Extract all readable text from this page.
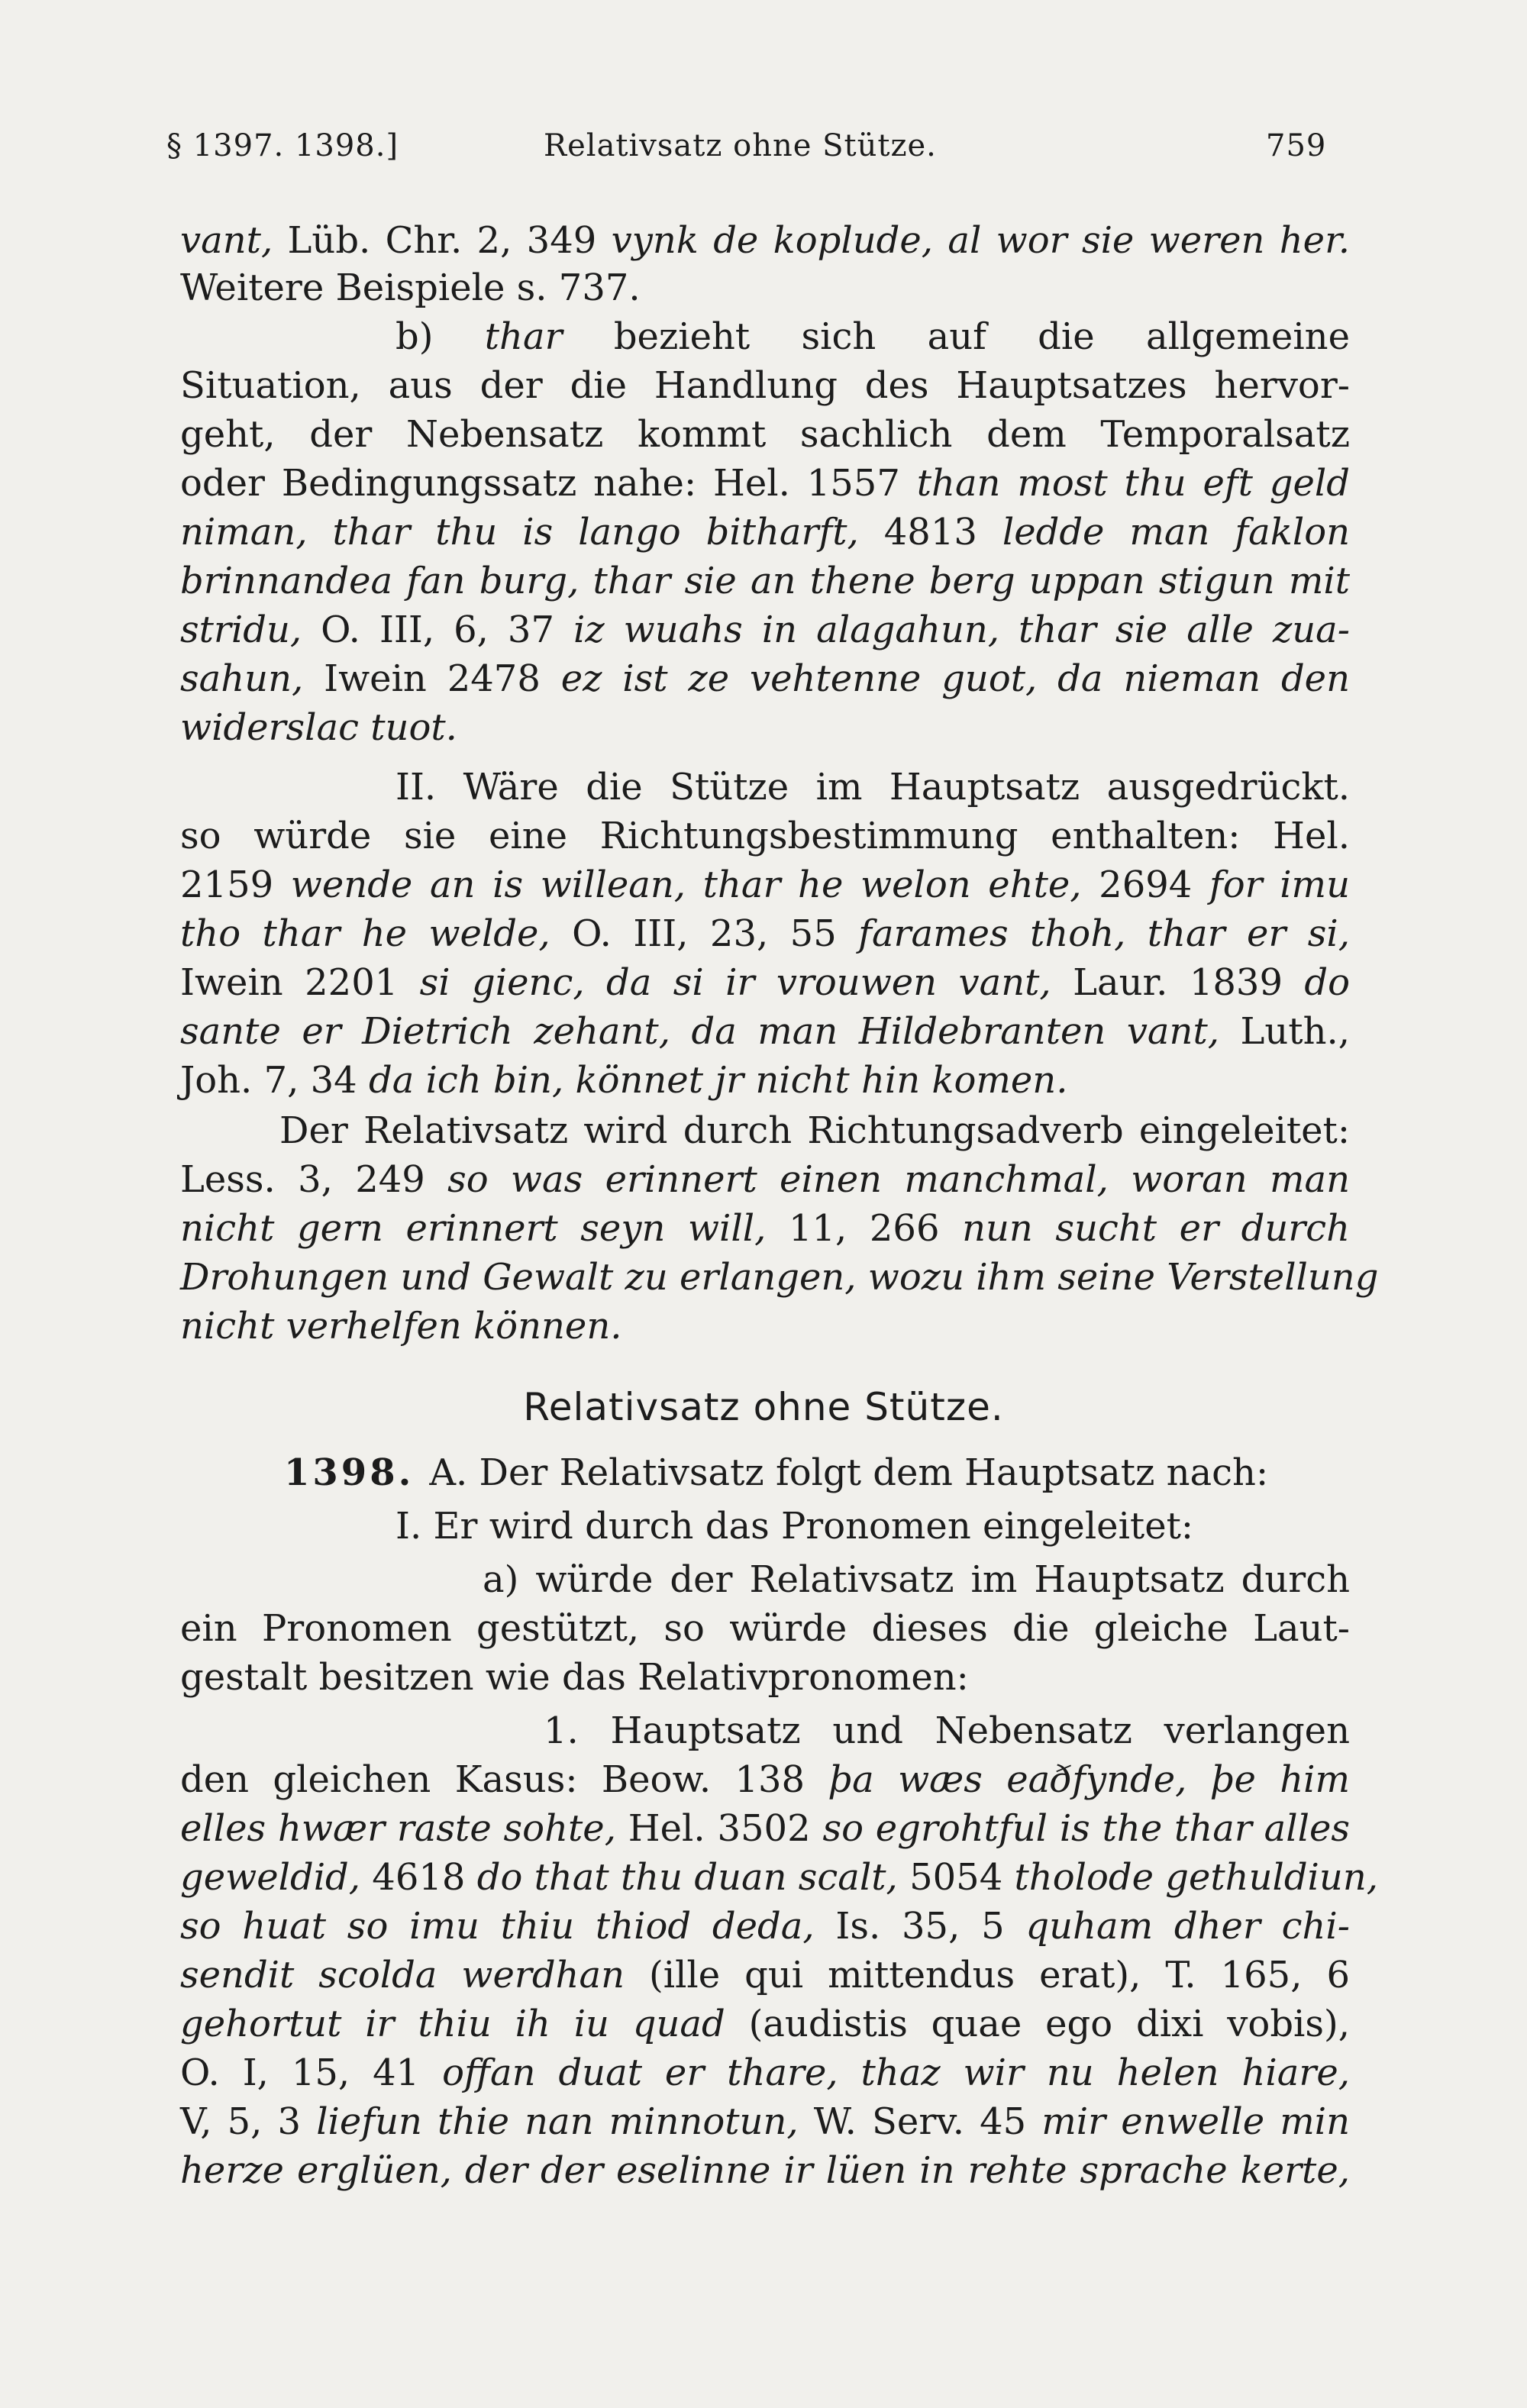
§ 1397. 1398.]	Relativsatz ohne Stütze.	759
vant, Lüb. Chr. 2, 349 vynk de koplude, al wor sie weren her.
Weitere Beispiele s. 737.
b) thar bezieht sich auf die allgemeine
Situation, aus der die Handlung des Hauptsatzes hervor-
geht, der Nebensatz kommt sachlich dem Temporalsatz
oder Bedingungssatz nahe: Hel. 1557 than most thu eft geld
niman, thar thu is lango bitharft, 4813 ledde man faklon
brinnandea fan burg, thar sie an thene berg uppan stigun mit
stridu, O. III, 6, 37 iz wuahs in alagahun, thar sie alle zua-
sahun, Iwein 2478 ez ist ze vehtenne guot, da nieman den
widerslac tuot.
II. Wäre die Stütze im Hauptsatz ausgedrückt.
so würde sie eine Richtungsbestimmung enthalten: Hel.
2159 wende an is willean, thar he welon ehte, 2694 for imu
tho thar he welde, O. III, 23, 55 farames thoh, thar er si,
Iwein 2201 si gienc, da si ir vrouwen vant, Laur. 1839 do
sante er Dietrich zehant, da man Hildebranten vant, Luth.,
Joh. 7, 34 da ich bin, könnet jr nicht hin komen.
Der Relativsatz wird durch Richtungsadverb eingeleitet:
Less. 3, 249 so was erinnert einen manchmal, woran man
nicht gern erinnert seyn will, 11, 266 nun sucht er durch
Drohungen und Gewalt zu erlangen, wozu ihm seine Verstellung
nicht verhelfen können.
Relativsatz ohne Stütze.
1398. A. Der Relativsatz folgt dem Hauptsatz nach:
I. Er wird durch das Pronomen eingeleitet:
a) würde der Relativsatz im Hauptsatz durch
ein Pronomen gestützt, so würde dieses die gleiche Laut-
gestalt besitzen wie das Relativpronomen:
1. Hauptsatz und Nebensatz verlangen
den gleichen Kasus: Beow. 138 þa wæs eaðfynde, þe him
elles hwær raste sohte, Hel. 3502 so egrohtful is the thar alles
geweldid, 4618 do that thu duan scalt, 5054 tholode gethuldiun,
so huat so imu thiu thiod deda, Is. 35, 5 quham dher chi-
sendit scolda werdhan (ille qui mittendus erat), T. 165, 6
gehortut ir thiu ih iu quad (audistis quae ego dixi vobis),
O. I, 15, 41 offan duat er thare, thaz wir nu helen hiare,
V, 5, 3 liefun thie nan minnotun, W. Serv. 45 mir enwelle min
herze erglüen, der der eselinne ir lüen in rehte sprache kerte,
